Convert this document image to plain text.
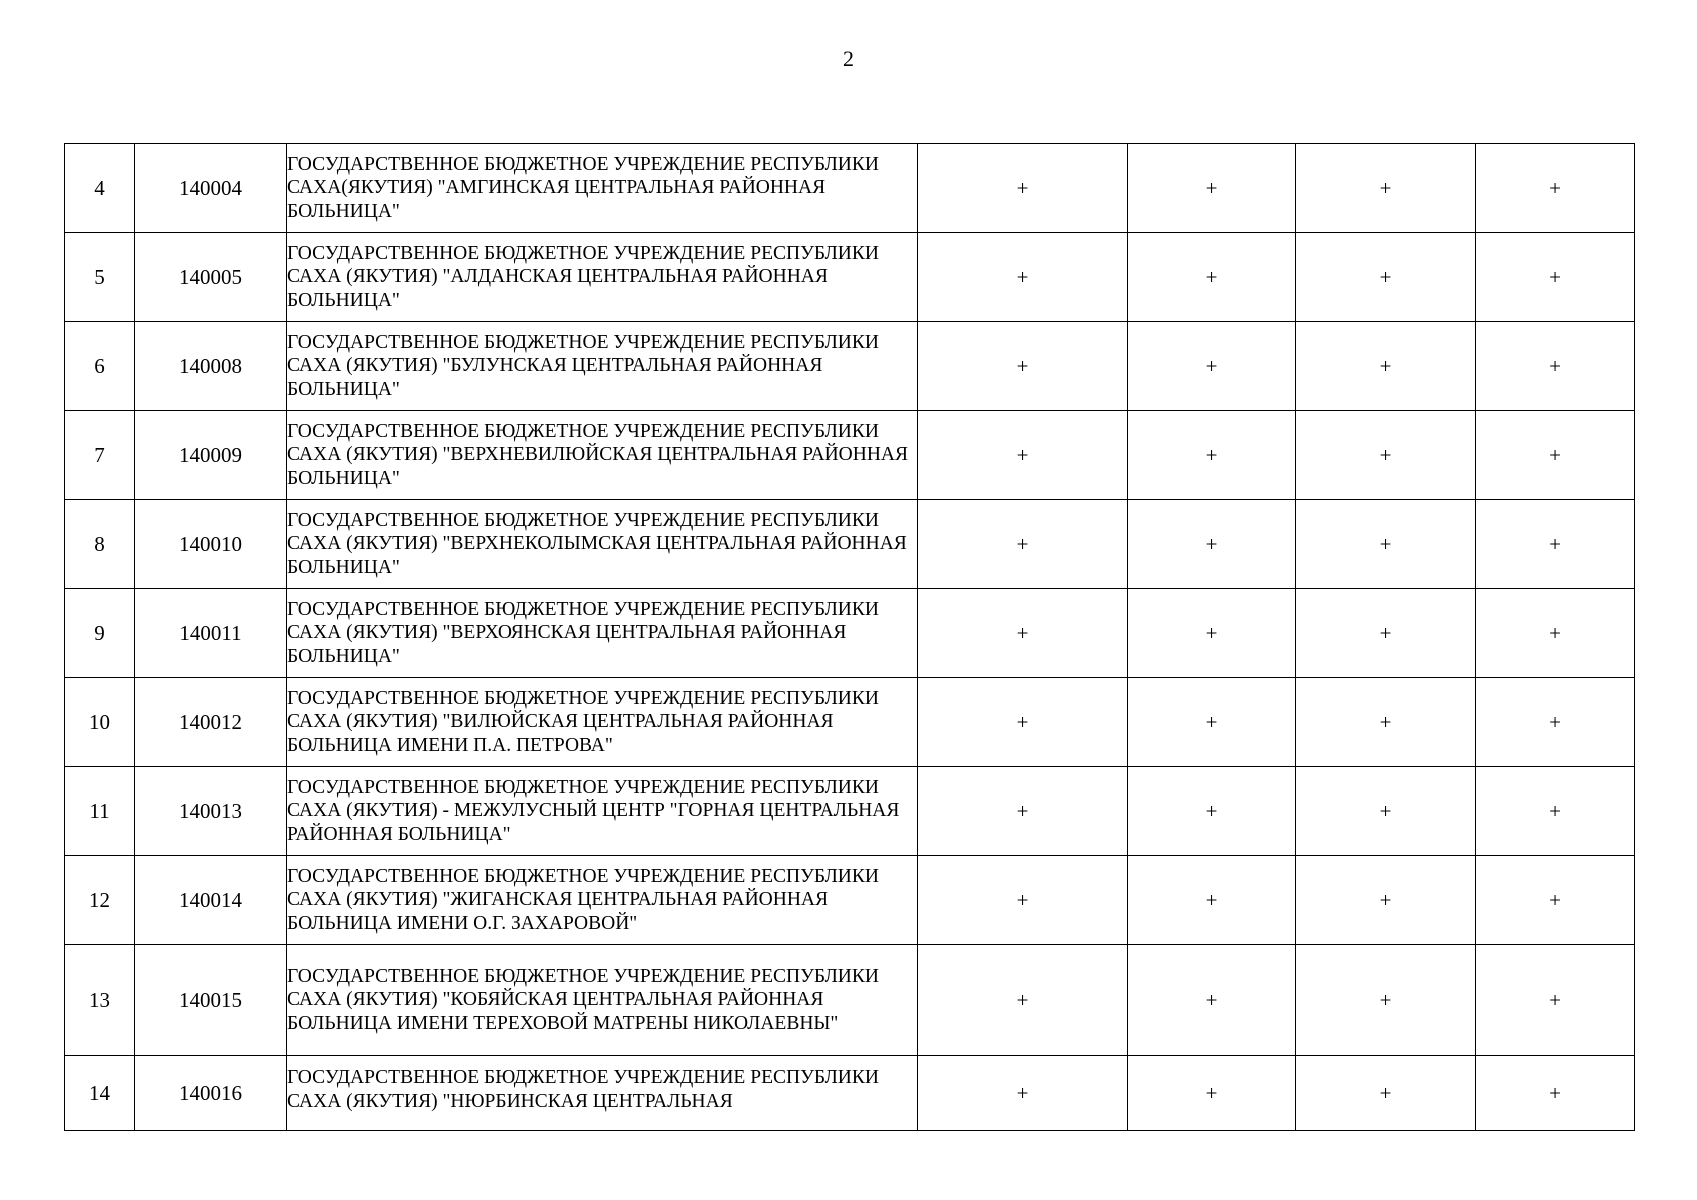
2
4	140004	ГОСУДАРСТВЕННОЕ БЮДЖЕТНОЕ УЧРЕЖДЕНИЕ РЕСПУБЛИКИ САХА(ЯКУТИЯ) "АМГИНСКАЯ ЦЕНТРАЛЬНАЯ РАЙОННАЯ БОЛЬНИЦА"	+	+	+	+
5	140005	ГОСУДАРСТВЕННОЕ БЮДЖЕТНОЕ УЧРЕЖДЕНИЕ РЕСПУБЛИКИ САХА (ЯКУТИЯ) "АЛДАНСКАЯ ЦЕНТРАЛЬНАЯ РАЙОННАЯ БОЛЬНИЦА"	+	+	+	+
6	140008	ГОСУДАРСТВЕННОЕ БЮДЖЕТНОЕ УЧРЕЖДЕНИЕ РЕСПУБЛИКИ САХА (ЯКУТИЯ) "БУЛУНСКАЯ ЦЕНТРАЛЬНАЯ РАЙОННАЯ БОЛЬНИЦА"	+	+	+	+
7	140009	ГОСУДАРСТВЕННОЕ БЮДЖЕТНОЕ УЧРЕЖДЕНИЕ РЕСПУБЛИКИ САХА (ЯКУТИЯ) "ВЕРХНЕВИЛЮЙСКАЯ ЦЕНТРАЛЬНАЯ РАЙОННАЯ БОЛЬНИЦА"	+	+	+	+
8	140010	ГОСУДАРСТВЕННОЕ БЮДЖЕТНОЕ УЧРЕЖДЕНИЕ РЕСПУБЛИКИ САХА (ЯКУТИЯ) "ВЕРХНЕКОЛЫМСКАЯ ЦЕНТРАЛЬНАЯ РАЙОННАЯ БОЛЬНИЦА"	+	+	+	+
9	140011	ГОСУДАРСТВЕННОЕ БЮДЖЕТНОЕ УЧРЕЖДЕНИЕ РЕСПУБЛИКИ САХА (ЯКУТИЯ) "ВЕРХОЯНСКАЯ ЦЕНТРАЛЬНАЯ РАЙОННАЯ БОЛЬНИЦА"	+	+	+	+
10	140012	ГОСУДАРСТВЕННОЕ БЮДЖЕТНОЕ УЧРЕЖДЕНИЕ РЕСПУБЛИКИ САХА (ЯКУТИЯ) "ВИЛЮЙСКАЯ ЦЕНТРАЛЬНАЯ РАЙОННАЯ БОЛЬНИЦА ИМЕНИ П.А. ПЕТРОВА"	+	+	+	+
11	140013	ГОСУДАРСТВЕННОЕ БЮДЖЕТНОЕ УЧРЕЖДЕНИЕ РЕСПУБЛИКИ САХА (ЯКУТИЯ) - МЕЖУЛУСНЫЙ ЦЕНТР "ГОРНАЯ ЦЕНТРАЛЬНАЯ РАЙОННАЯ БОЛЬНИЦА"	+	+	+	+
12	140014	ГОСУДАРСТВЕННОЕ БЮДЖЕТНОЕ УЧРЕЖДЕНИЕ РЕСПУБЛИКИ САХА (ЯКУТИЯ) "ЖИГАНСКАЯ ЦЕНТРАЛЬНАЯ РАЙОННАЯ БОЛЬНИЦА ИМЕНИ О.Г. ЗАХАРОВОЙ"	+	+	+	+
13	140015	ГОСУДАРСТВЕННОЕ БЮДЖЕТНОЕ УЧРЕЖДЕНИЕ РЕСПУБЛИКИ САХА (ЯКУТИЯ) "КОБЯЙСКАЯ ЦЕНТРАЛЬНАЯ РАЙОННАЯ БОЛЬНИЦА ИМЕНИ ТЕРЕХОВОЙ МАТРЕНЫ НИКОЛАЕВНЫ"	+	+	+	+
14	140016	ГОСУДАРСТВЕННОЕ БЮДЖЕТНОЕ УЧРЕЖДЕНИЕ РЕСПУБЛИКИ САХА (ЯКУТИЯ) "НЮРБИНСКАЯ ЦЕНТРАЛЬНАЯ	+	+	+	+
